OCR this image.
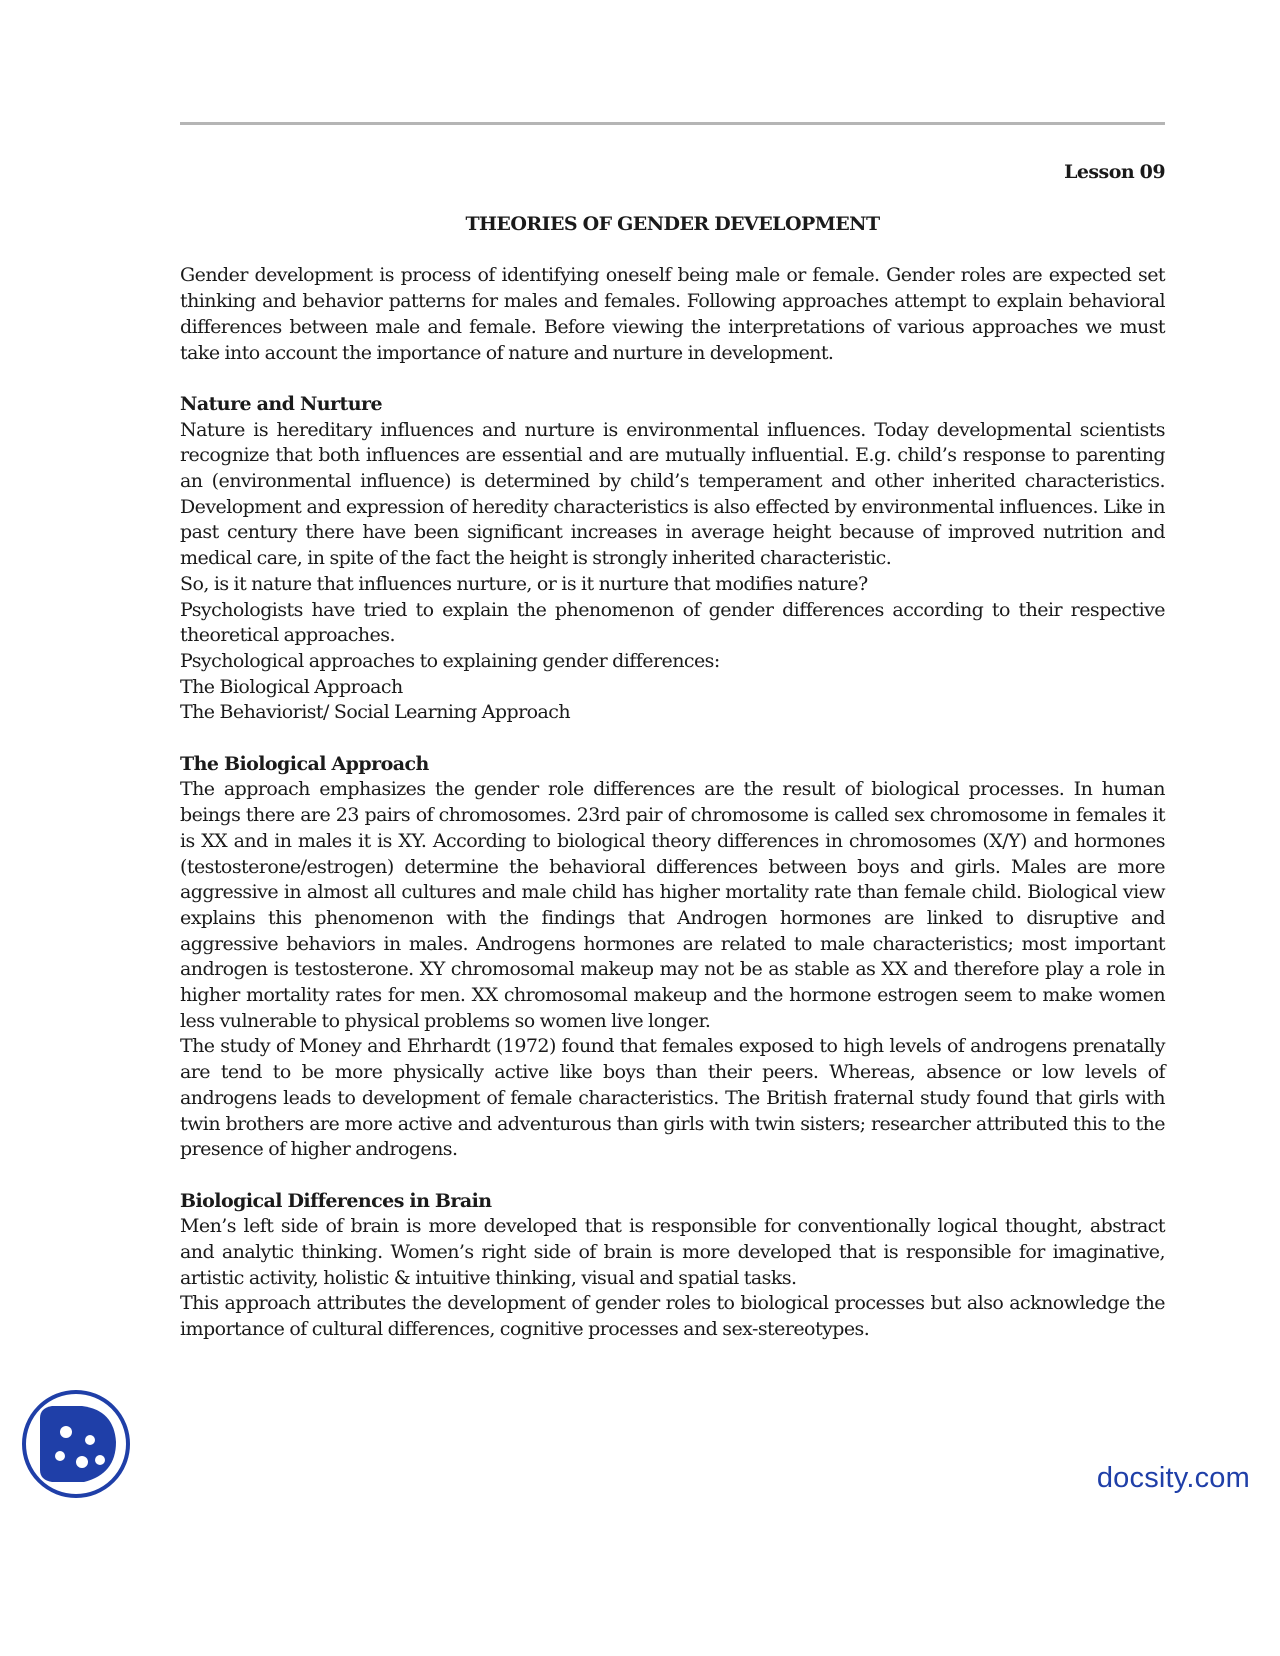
Lesson 09
THEORIES OF GENDER DEVELOPMENT

Gender development is process of identifying oneself being male or female. Gender roles are expected set thinking and behavior patterns for males and females. Following approaches attempt to explain behavioral differences between male and female. Before viewing the interpretations of various approaches we must take into account the importance of nature and nurture in development.

Nature and Nurture

Nature is hereditary influences and nurture is environmental influences. Today developmental scientists recognize that both influences are essential and are mutually influential. E.g. child’s response to parenting an (environmental influence) is determined by child’s temperament and other inherited characteristics. Development and expression of heredity characteristics is also effected by environmental influences. Like in past century there have been significant increases in average height because of improved nutrition and medical care, in spite of the fact the height is strongly inherited characteristic.

So, is it nature that influences nurture, or is it nurture that modifies nature?

Psychologists have tried to explain the phenomenon of gender differences according to their respective theoretical approaches.

Psychological approaches to explaining gender differences:

The Biological Approach

The Behaviorist/ Social Learning Approach

The Biological Approach

The approach emphasizes the gender role differences are the result of biological processes. In human beings there are 23 pairs of chromosomes. 23rd pair of chromosome is called sex chromosome in females it is XX and in males it is XY. According to biological theory differences in chromosomes (X/Y) and hormones (testosterone/estrogen) determine the behavioral differences between boys and girls. Males are more aggressive in almost all cultures and male child has higher mortality rate than female child. Biological view explains this phenomenon with the findings that Androgen hormones are linked to disruptive and aggressive behaviors in males. Androgens hormones are related to male characteristics; most important androgen is testosterone. XY chromosomal makeup may not be as stable as XX and therefore play a role in higher mortality rates for men. XX chromosomal makeup and the hormone estrogen seem to make women less vulnerable to physical problems so women live longer.

The study of Money and Ehrhardt (1972) found that females exposed to high levels of androgens prenatally are tend to be more physically active like boys than their peers. Whereas, absence or low levels of androgens leads to development of female characteristics. The British fraternal study found that girls with twin brothers are more active and adventurous than girls with twin sisters; researcher attributed this to the presence of higher androgens.

Biological Differences in Brain

Men’s left side of brain is more developed that is responsible for conventionally logical thought, abstract and analytic thinking. Women’s right side of brain is more developed that is responsible for imaginative, artistic activity, holistic & intuitive thinking, visual and spatial tasks.

This approach attributes the development of gender roles to biological processes but also acknowledge the importance of cultural differences, cognitive processes and sex-stereotypes.

docsity.com
